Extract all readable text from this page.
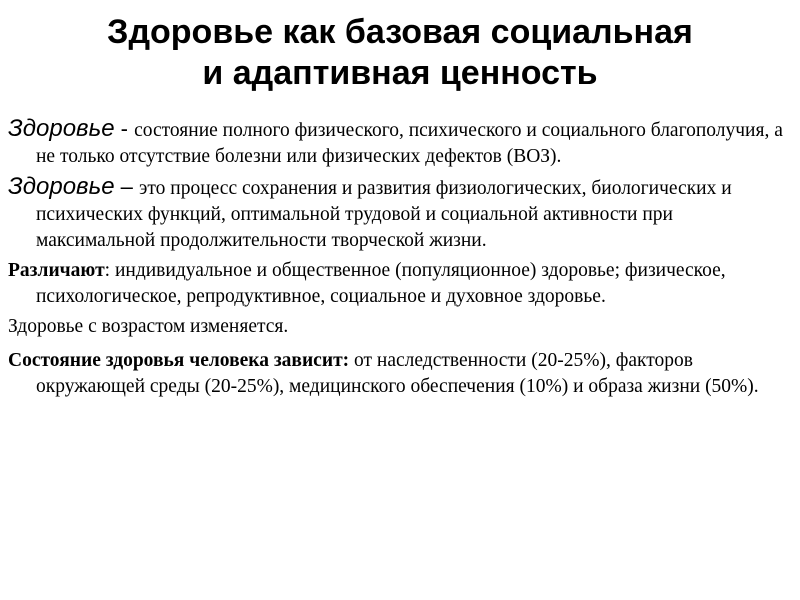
Здоровье как базовая социальная
и адаптивная ценность

Здоровье - состояние полного физического, психического и социального благополучия, а не только отсутствие болезни или физических дефектов (ВОЗ).

Здоровье – это процесс сохранения и развития физиологических, биологических и психических функций, оптимальной трудовой и социальной активности при максимальной продолжительности творческой жизни.

Различают: индивидуальное и общественное (популяционное) здоровье; физическое, психологическое, репродуктивное, социальное и духовное здоровье.

Здоровье с возрастом изменяется.

Состояние здоровья человека зависит: от наследственности (20-25%), факторов окружающей среды (20-25%), медицинского обеспечения (10%) и образа жизни (50%).
